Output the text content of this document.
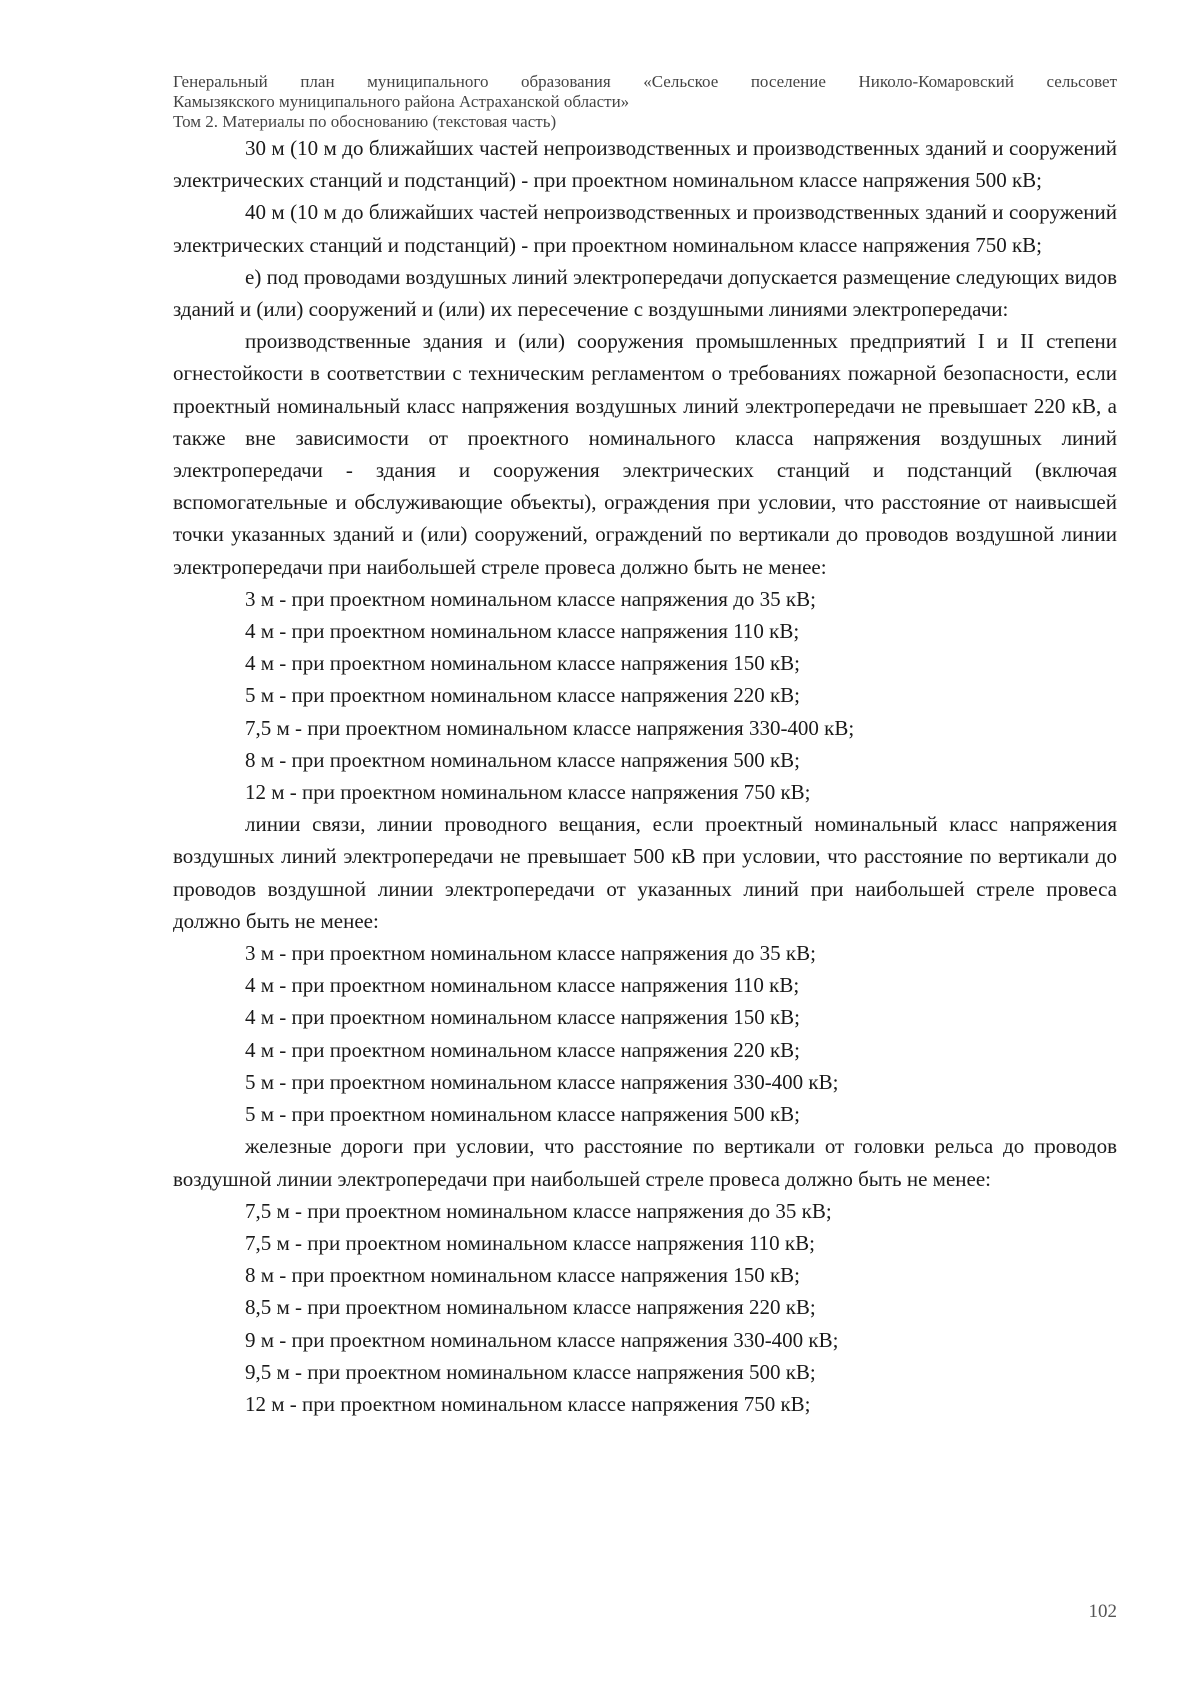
Генеральный план муниципального образования «Сельское поселение Николо-Комаровский сельсовет
Камызякского муниципального района Астраханской области»
Том 2. Материалы по обоснованию (текстовая часть)

30 м (10 м до ближайших частей непроизводственных и производственных зданий и сооружений электрических станций и подстанций) - при проектном номинальном классе напряжения 500 кВ;

40 м (10 м до ближайших частей непроизводственных и производственных зданий и сооружений электрических станций и подстанций) - при проектном номинальном классе напряжения 750 кВ;

е) под проводами воздушных линий электропередачи допускается размещение следующих видов зданий и (или) сооружений и (или) их пересечение с воздушными линиями электропередачи:

производственные здания и (или) сооружения промышленных предприятий I и II степени огнестойкости в соответствии с техническим регламентом о требованиях пожарной безопасности, если проектный номинальный класс напряжения воздушных линий электропередачи не превышает 220 кВ, а также вне зависимости от проектного номинального класса напряжения воздушных линий электропередачи - здания и сооружения электрических станций и подстанций (включая вспомогательные и обслуживающие объекты), ограждения при условии, что расстояние от наивысшей точки указанных зданий и (или) сооружений, ограждений по вертикали до проводов воздушной линии электропередачи при наибольшей стреле провеса должно быть не менее:

3 м - при проектном номинальном классе напряжения до 35 кВ;

4 м - при проектном номинальном классе напряжения 110 кВ;

4 м - при проектном номинальном классе напряжения 150 кВ;

5 м - при проектном номинальном классе напряжения 220 кВ;

7,5 м - при проектном номинальном классе напряжения 330-400 кВ;

8 м - при проектном номинальном классе напряжения 500 кВ;

12 м - при проектном номинальном классе напряжения 750 кВ;

линии связи, линии проводного вещания, если проектный номинальный класс напряжения воздушных линий электропередачи не превышает 500 кВ при условии, что расстояние по вертикали до проводов воздушной линии электропередачи от указанных линий при наибольшей стреле провеса должно быть не менее:

3 м - при проектном номинальном классе напряжения до 35 кВ;

4 м - при проектном номинальном классе напряжения 110 кВ;

4 м - при проектном номинальном классе напряжения 150 кВ;

4 м - при проектном номинальном классе напряжения 220 кВ;

5 м - при проектном номинальном классе напряжения 330-400 кВ;

5 м - при проектном номинальном классе напряжения 500 кВ;

железные дороги при условии, что расстояние по вертикали от головки рельса до проводов воздушной линии электропередачи при наибольшей стреле провеса должно быть не менее:

7,5 м - при проектном номинальном классе напряжения до 35 кВ;

7,5 м - при проектном номинальном классе напряжения 110 кВ;

8 м - при проектном номинальном классе напряжения 150 кВ;

8,5 м - при проектном номинальном классе напряжения 220 кВ;

9 м - при проектном номинальном классе напряжения 330-400 кВ;

9,5 м - при проектном номинальном классе напряжения 500 кВ;

12 м - при проектном номинальном классе напряжения 750 кВ;

102
